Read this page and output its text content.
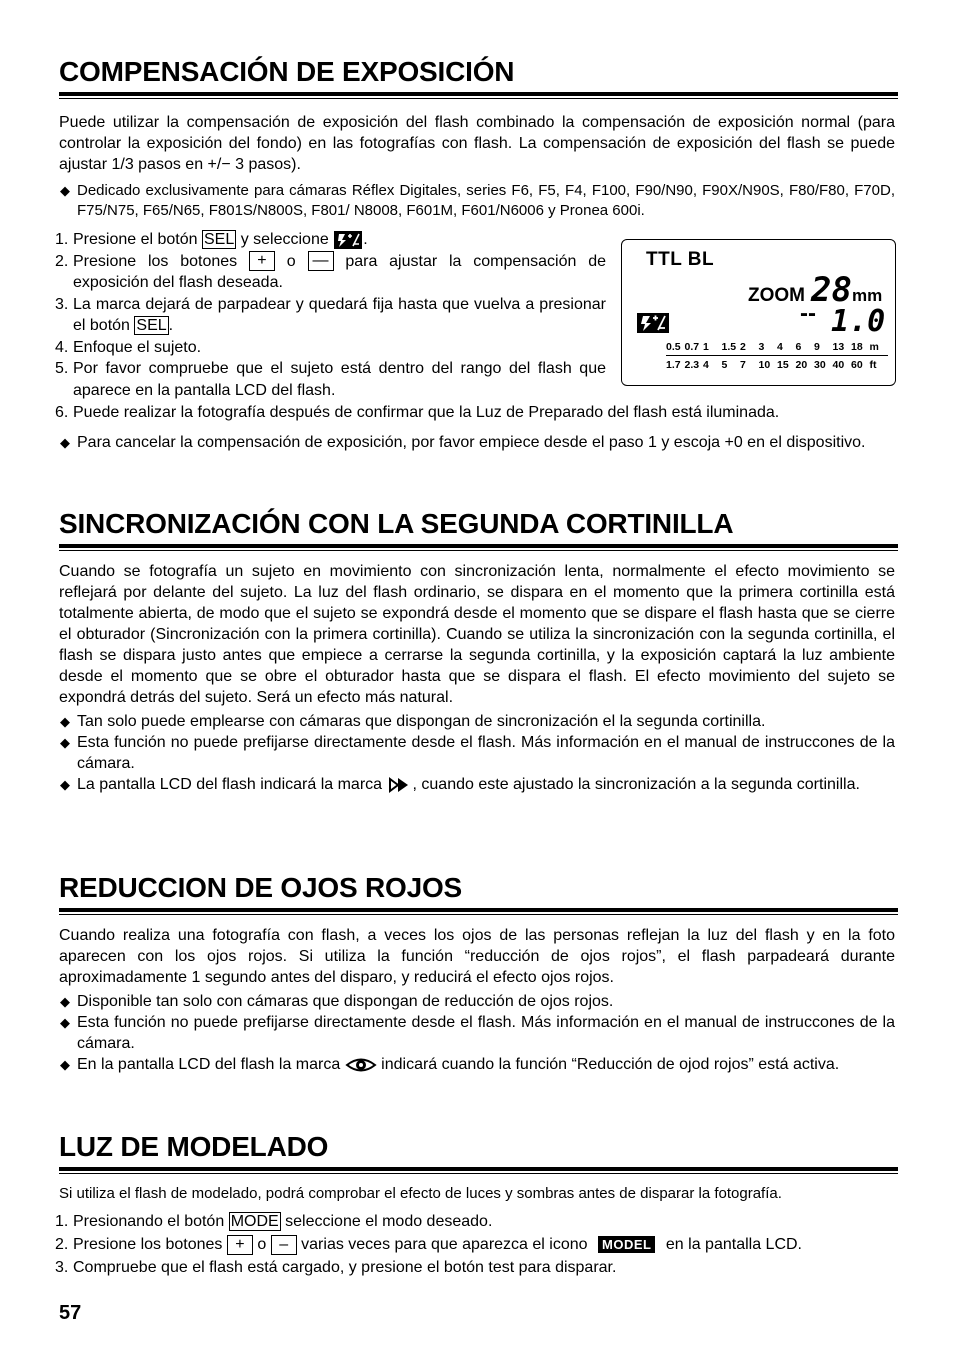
COMPENSACIÓN DE EXPOSICIÓN

Puede utilizar la compensación de exposición del flash combinado la compensación de exposición normal (para controlar la exposición del fondo) en las fotografías con flash. La compensación de exposición del flash se puede ajustar 1/3 pasos en +/− 3 pasos).

◆ Dedicado exclusivamente para cámaras Réflex Digitales, series F6, F5, F4, F100, F90/N90, F90X/N90S, F80/F80, F70D, F75/N75, F65/N65, F801S/N800S, F801/ N8008, F601M, F601/N6006 y Pronea 600i.
1. Presione el botón SEL y seleccione .
2. Presione los botones + o — para ajustar la compensación de exposición del flash deseada.
3. La marca dejará de parpadear y quedará fija hasta que vuelva a presionar el botón SEL .
4. Enfoque el sujeto.
5. Por favor compruebe que el sujeto está dentro del rango del flash que aparece en la pantalla LCD del flash.
6. Puede realizar la fotografía después de confirmar que la Luz de Preparado del flash está iluminada.
◆ Para cancelar la compensación de exposición, por favor empiece desde el paso 1 y escoja +0 en el dispositivo.
TTL BL
ZOOM 28 mm
-- 1.0
0.5 0.7 1 1.5 2 3 4 6 9 13 18 m
1.7 2.3 4 5 7 10 15 20 30 40 60 ft
SINCRONIZACIÓN CON LA SEGUNDA CORTINILLA

Cuando se fotografía un sujeto en movimiento con sincronización lenta, normalmente el efecto movimiento se reflejará por delante del sujeto. La luz del flash ordinario, se dispara en el momento que la primera cortinilla está totalmente abierta, de modo que el sujeto se expondrá desde el momento que se dispare el flash hasta que se cierre el obturador (Sincronización con la primera cortinilla). Cuando se utiliza la sincronización con la segunda cortinilla, el flash se dispara justo antes que empiece a cerrarse la segunda cortinilla, y la exposición captará la luz ambiente desde el momento que se obre el obturador hasta que se dispara el flash. El efecto movimiento del sujeto se expondrá detrás del sujeto. Será un efecto más natural.

◆ Tan solo puede emplearse con cámaras que dispongan de sincronización el la segunda cortinilla.
◆ Esta función no puede prefijarse directamente desde el flash. Más información en el manual de instruccones de la cámara.
◆ La pantalla LCD del flash indicará la marca , cuando este ajustado la sincronización a la segunda cortinilla.
REDUCCION DE OJOS ROJOS

Cuando realiza una fotografía con flash, a veces los ojos de las personas reflejan la luz del flash y en la foto aparecen con los ojos rojos. Si utiliza la función “reducción de ojos rojos”, el flash parpadeará durante aproximadamente 1 segundo antes del disparo, y reducirá el efecto ojos rojos.

◆ Disponible tan solo con cámaras que dispongan de reducción de ojos rojos.
◆ Esta función no puede prefijarse directamente desde el flash. Más información en el manual de instruccones de la cámara.
◆ En la pantalla LCD del flash la marca	indicará cuando la función “Reducción de ojod rojos” está activa.
LUZ DE MODELADO

Si utiliza el flash de modelado, podrá comprobar el efecto de luces y sombras antes de disparar la fotografía.

1. Presionando el botón MODE seleccione el modo deseado.
2. Presione los botones + o – varias veces para que aparezca el icono MODEL en la pantalla LCD.
3. Compruebe que el flash está cargado, y presione el botón test para disparar.
57
